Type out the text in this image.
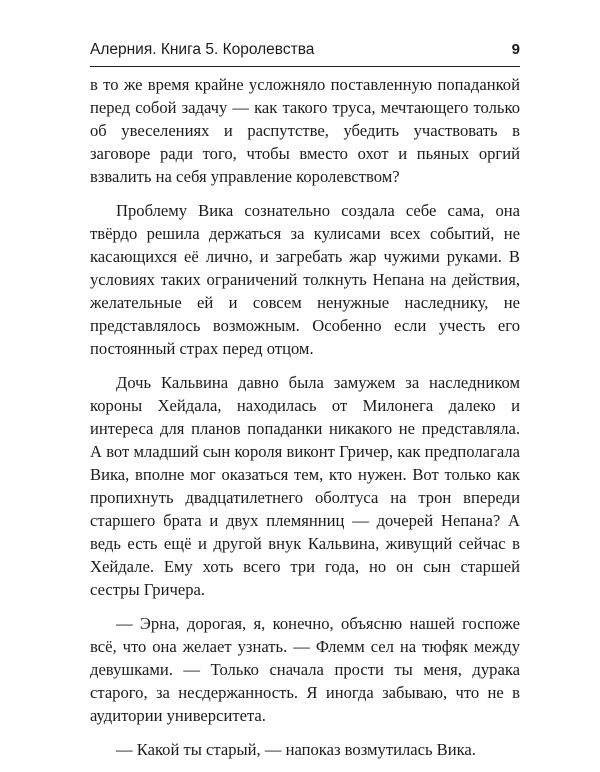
Алерния. Книга 5. Королевства	9

в то же время крайне усложняло поставленную попаданкой перед собой задачу — как такого труса, мечтающего только об увеселениях и распутстве, убедить участвовать в заговоре ради того, чтобы вместо охот и пьяных оргий взвалить на себя управление королевством?

Проблему Вика сознательно создала себе сама, она твёрдо решила держаться за кулисами всех событий, не касающихся её лично, и загребать жар чужими руками. В условиях таких ограничений толкнуть Непана на действия, желательные ей и совсем ненужные наследнику, не представлялось возможным. Особенно если учесть его постоянный страх перед отцом.

Дочь Кальвина давно была замужем за наследником короны Хейдала, находилась от Милонега далеко и интереса для планов попаданки никакого не представляла. А вот младший сын короля виконт Гричер, как предполагала Вика, вполне мог оказаться тем, кто нужен. Вот только как пропихнуть двадцатилетнего оболтуса на трон впереди старшего брата и двух племянниц — дочерей Непана? А ведь есть ещё и другой внук Кальвина, живущий сейчас в Хейдале. Ему хоть всего три года, но он сын старшей сестры Гричера.

— Эрна, дорогая, я, конечно, объясню нашей госпоже всё, что она желает узнать. — Флемм сел на тюфяк между девушками. — Только сначала прости ты меня, дурака старого, за несдержанность. Я иногда забываю, что не в аудитории университета.

— Какой ты старый, — напоказ возмутилась Вика.
